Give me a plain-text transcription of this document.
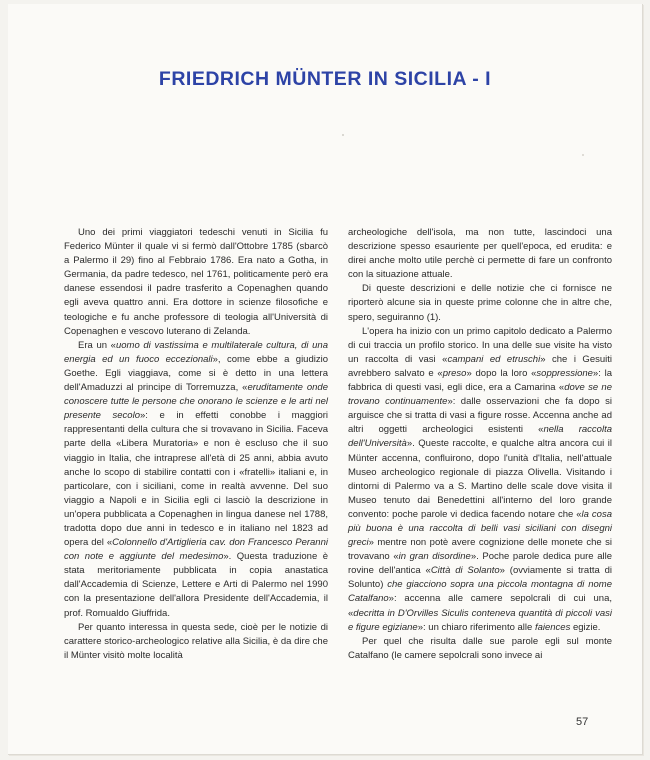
FRIEDRICH MÜNTER IN SICILIA - I

Uno dei primi viaggiatori tedeschi venuti in Sicilia fu Federico Münter il quale vi si fermò dall'Ottobre 1785 (sbarcò a Palermo il 29) fino al Febbraio 1786. Era nato a Gotha, in Germania, da padre tedesco, nel 1761, politicamente però era danese essendosi il padre trasferito a Copenaghen quando egli aveva quattro anni. Era dottore in scienze filosofiche e teologiche e fu anche professore di teologia all'Università di Copenaghen e vescovo luterano di Zelanda.

Era un «uomo di vastissima e multilaterale cultura, di una energia ed un fuoco eccezionali», come ebbe a giudizio Goethe. Egli viaggiava, come si è detto in una lettera dell'Amaduzzi al principe di Torremuzza, «eruditamente onde conoscere tutte le persone che onorano le scienze e le arti nel presente secolo»: e in effetti conobbe i maggiori rappresentanti della cultura che si trovavano in Sicilia. Faceva parte della «Libera Muratoria» e non è escluso che il suo viaggio in Italia, che intraprese all'età di 25 anni, abbia avuto anche lo scopo di stabilire contatti con i «fratelli» italiani e, in particolare, con i siciliani, come in realtà avvenne. Del suo viaggio a Napoli e in Sicilia egli ci lasciò la descrizione in un'opera pubblicata a Copenaghen in lingua danese nel 1788, tradotta dopo due anni in tedesco e in italiano nel 1823 ad opera del «Colonnello d'Artiglieria cav. don Francesco Peranni con note e aggiunte del medesimo». Questa traduzione è stata meritoriamente pubblicata in copia anastatica dall'Accademia di Scienze, Lettere e Arti di Palermo nel 1990 con la presentazione dell'allora Presidente dell'Accademia, il prof. Romualdo Giuffrida.

Per quanto interessa in questa sede, cioè per le notizie di carattere storico-archeologico relative alla Sicilia, è da dire che il Münter visitò molte località

archeologiche dell'isola, ma non tutte, lascindoci una descrizione spesso esauriente per quell'epoca, ed erudita: e direi anche molto utile perchè ci permette di fare un confronto con la situazione attuale.

Di queste descrizioni e delle notizie che ci fornisce ne riporterò alcune sia in queste prime colonne che in altre che, spero, seguiranno (1).

L'opera ha inizio con un primo capitolo dedicato a Palermo di cui traccia un profilo storico. In una delle sue visite ha visto un raccolta di vasi «campani ed etruschi» che i Gesuiti avrebbero salvato e «preso» dopo la loro «soppressione»: la fabbrica di questi vasi, egli dice, era a Camarina «dove se ne trovano continuamente»: dalle osservazioni che fa dopo si arguisce che si tratta di vasi a figure rosse. Accenna anche ad altri oggetti archeologici esistenti «nella raccolta dell'Università». Queste raccolte, e qualche altra ancora cui il Münter accenna, confluirono, dopo l'unità d'Italia, nell'attuale Museo archeologico regionale di piazza Olivella. Visitando i dintorni di Palermo va a S. Martino delle scale dove visita il Museo tenuto dai Benedettini all'interno del loro grande convento: poche parole vi dedica facendo notare che «la cosa più buona è una raccolta di belli vasi siciliani con disegni greci» mentre non potè avere cognizione delle monete che si trovavano «in gran disordine». Poche parole dedica pure alle rovine dell'antica «Città di Solanto» (ovviamente si tratta di Soluntо) che giacciono sopra una piccola montagna di nome Catalfano»: accenna alle camere sepolcrali di cui una, «decritta in D'Orvilles Siculis conteneva quantità di piccoli vasi e figure egiziane»: un chiaro riferimento alle faiences egizie.

Per quel che risulta dalle sue parole egli sul monte Catalfano (le camere sepolcrali sono invece ai

57
